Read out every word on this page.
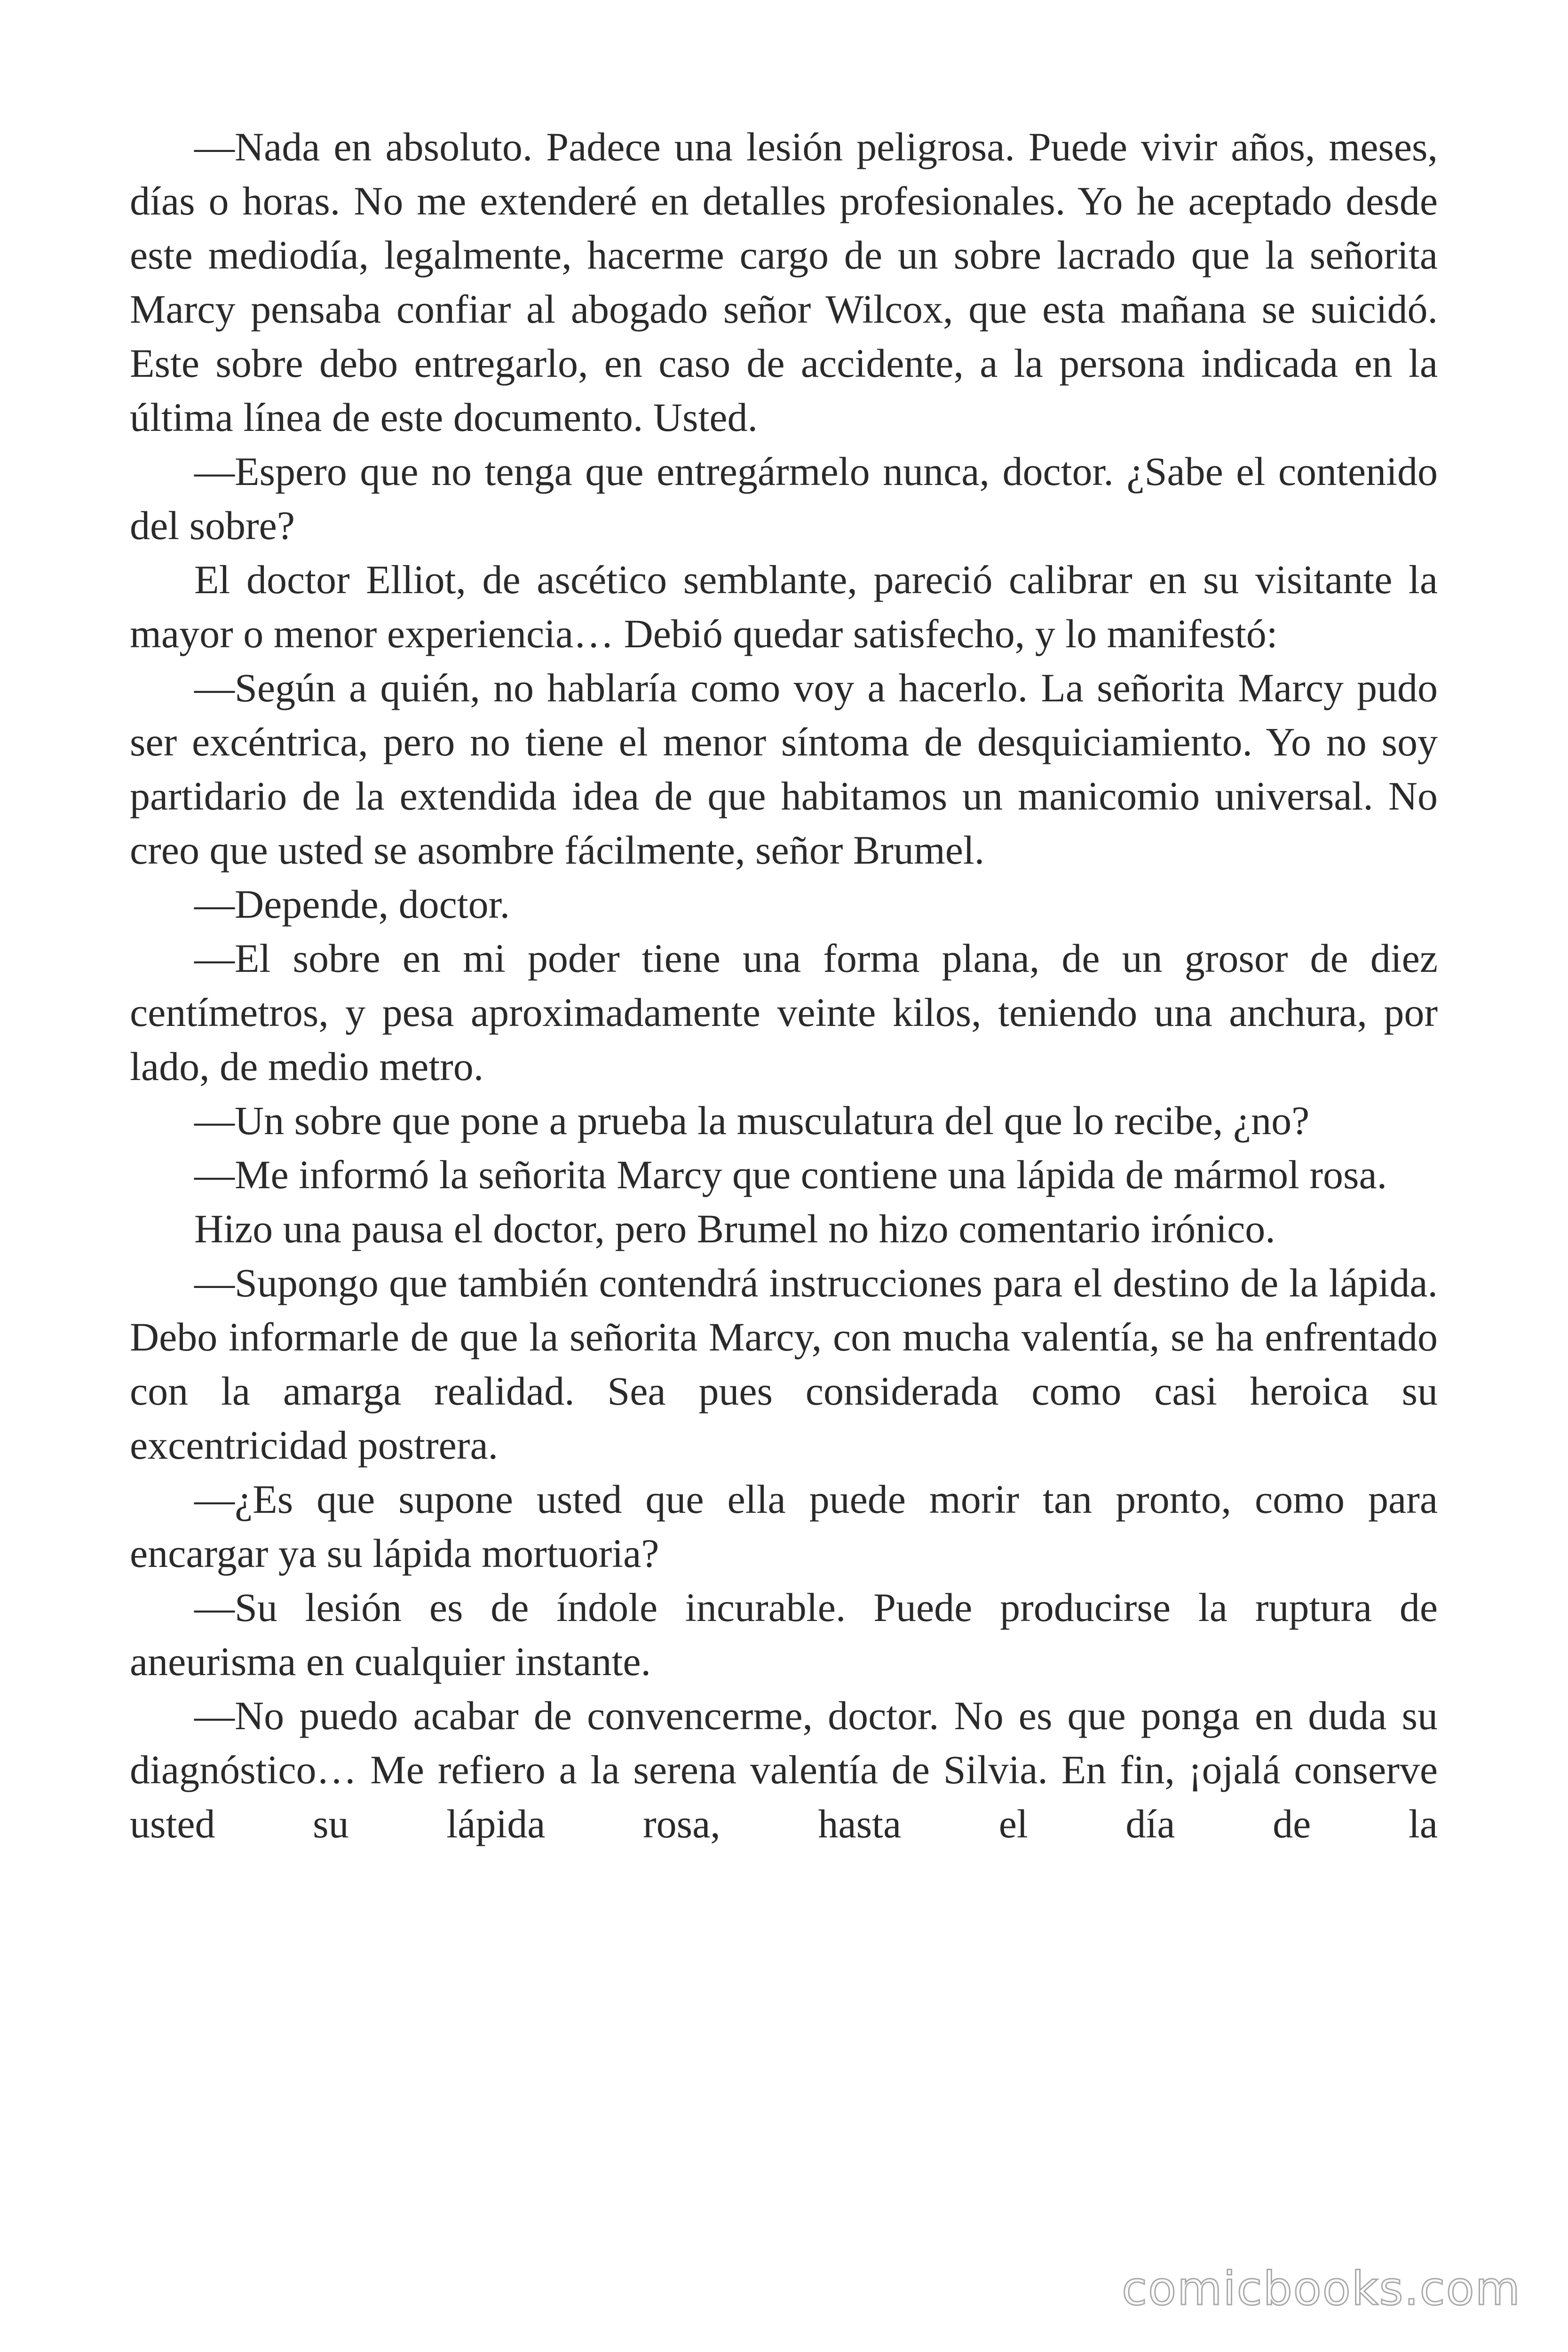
—Nada en absoluto. Padece una lesión peligrosa. Puede vivir años, meses, días o horas. No me extenderé en detalles profesionales. Yo he aceptado desde este mediodía, legalmente, hacerme cargo de un sobre lacrado que la señorita Marcy pensaba confiar al abogado señor Wilcox, que esta mañana se suicidó. Este sobre debo entregarlo, en caso de accidente, a la persona indicada en la última línea de este documento. Usted.

—Espero que no tenga que entregármelo nunca, doctor. ¿Sabe el contenido del sobre?

El doctor Elliot, de ascético semblante, pareció calibrar en su visitante la mayor o menor experiencia… Debió quedar satisfecho, y lo manifestó:

—Según a quién, no hablaría como voy a hacerlo. La señorita Marcy pudo ser excéntrica, pero no tiene el menor síntoma de desquiciamiento. Yo no soy partidario de la extendida idea de que habitamos un manicomio universal. No creo que usted se asombre fácilmente, señor Brumel.

—Depende, doctor.

—El sobre en mi poder tiene una forma plana, de un grosor de diez centímetros, y pesa aproximadamente veinte kilos, teniendo una anchura, por lado, de medio metro.

—Un sobre que pone a prueba la musculatura del que lo recibe, ¿no?

—Me informó la señorita Marcy que contiene una lápida de mármol rosa.

Hizo una pausa el doctor, pero Brumel no hizo comentario irónico.

—Supongo que también contendrá instrucciones para el destino de la lápida. Debo informarle de que la señorita Marcy, con mucha valentía, se ha enfrentado con la amarga realidad. Sea pues considerada como casi heroica su excentricidad postrera.

—¿Es que supone usted que ella puede morir tan pronto, como para encargar ya su lápida mortuoria?

—Su lesión es de índole incurable. Puede producirse la ruptura de aneurisma en cualquier instante.

—No puedo acabar de convencerme, doctor. No es que ponga en duda su diagnóstico… Me refiero a la serena valentía de Silvia. En fin, ¡ojalá conserve usted su lápida rosa, hasta el día de la

comicbooks.com
